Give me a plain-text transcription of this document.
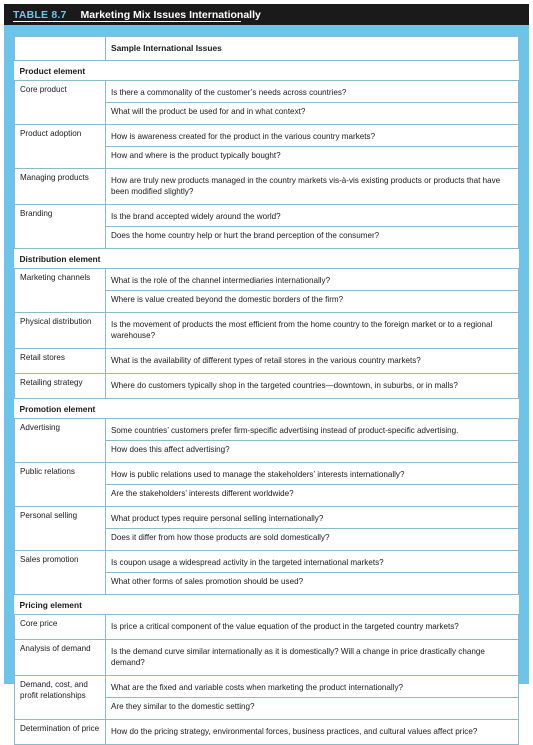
TABLE 8.7 Marketing Mix Issues Internationally
	Sample International Issues
Product element	
Core product	Is there a commonality of the customer’s needs across countries?
What will the product be used for and in what context?

Product adoption	How is awareness created for the product in the various country markets?
How and where is the product typically bought?

Managing products	How are truly new products managed in the country markets vis-à-vis existing products or products that have been modified slightly?

Branding	Is the brand accepted widely around the world?
Does the home country help or hurt the brand perception of the consumer?

Distribution element	
Marketing channels	What is the role of the channel intermediaries internationally?
Where is value created beyond the domestic borders of the firm?

Physical distribution	Is the movement of products the most efficient from the home country to the foreign market or to a regional warehouse?

Retail stores	What is the availability of different types of retail stores in the various country markets?

Retailing strategy	Where do customers typically shop in the targeted countries—downtown, in suburbs, or in malls?

Promotion element	
Advertising	Some countries’ customers prefer firm-specific advertising instead of product-specific advertising.
How does this affect advertising?

Public relations	How is public relations used to manage the stakeholders’ interests internationally?
Are the stakeholders’ interests different worldwide?

Personal selling	What product types require personal selling internationally?
Does it differ from how those products are sold domestically?

Sales promotion	Is coupon usage a widespread activity in the targeted international markets?
What other forms of sales promotion should be used?

Pricing element	
Core price	Is price a critical component of the value equation of the product in the targeted country markets?

Analysis of demand	Is the demand curve similar internationally as it is domestically? Will a change in price drastically change demand?

Demand, cost, and profit relationships	What are the fixed and variable costs when marketing the product internationally?
Are they similar to the domestic setting?

Determination of price	How do the pricing strategy, environmental forces, business practices, and cultural values affect price?
